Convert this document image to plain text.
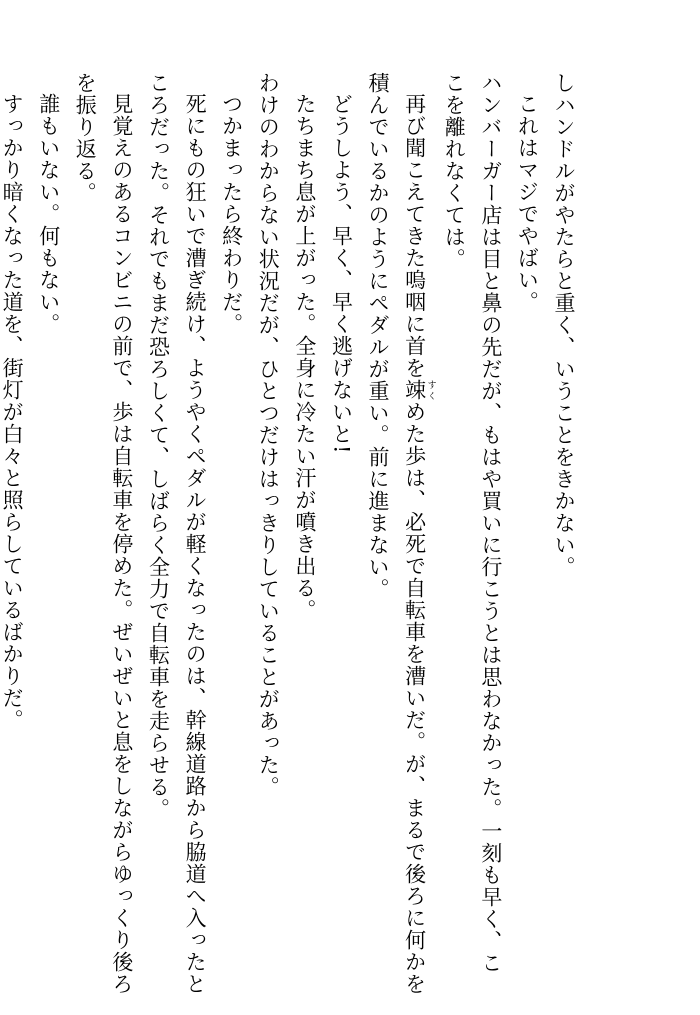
しハンドルがやたらと重く、いうことをきかない。

これはマジでやばい。

ハンバーガー店は目と鼻の先だが、もはや買いに行こうとは思わなかった。一刻も早く、こ

こを離れなくては。

再び聞こえてきた嗚咽に首を竦 すくめた歩は、必死で自転車を漕いだ。が、まるで後ろに何かを

積んでいるかのようにペダルが重い。前に進まない。

どうしよう、早く、早く逃げないと!

たちまち息が上がった。全身に冷たい汗が噴き出る。

わけのわからない状況だが、ひとつだけはっきりしていることがあった。

つかまったら終わりだ。

死にもの狂いで漕ぎ続け、ようやくペダルが軽くなったのは、幹線道路から脇道へ入ったと

ころだった。それでもまだ恐ろしくて、しばらく全力で自転車を走らせる。

見覚えのあるコンビニの前で、歩は自転車を停めた。ぜいぜいと息をしながらゆっくり後ろ

を振り返る。

誰もいない。何もない。

すっかり暗くなった道を、街灯が白々と照らしているばかりだ。
